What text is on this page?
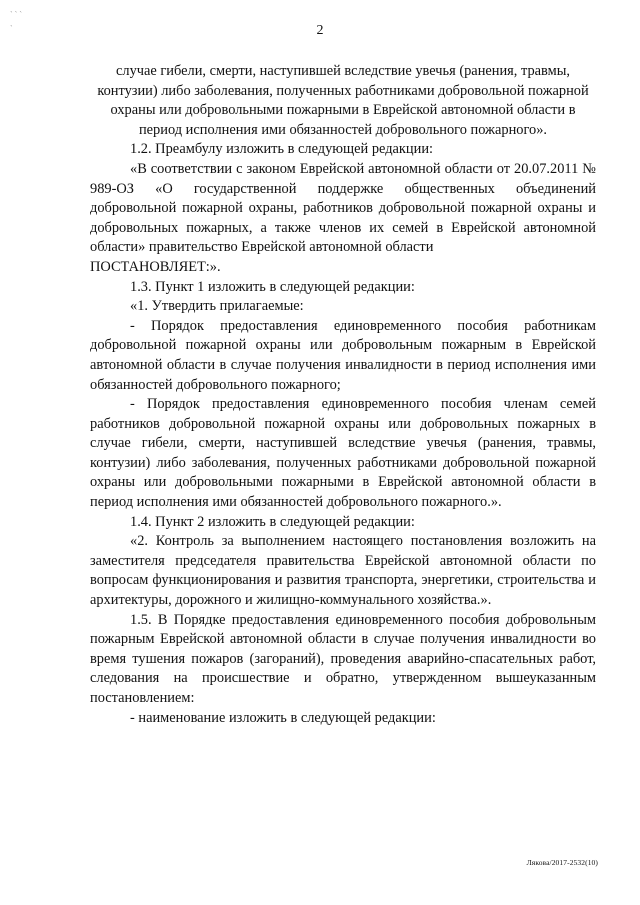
` ` `
`	2

случае гибели, смерти, наступившей вследствие увечья (ранения, травмы, контузии) либо заболевания, полученных работниками добровольной пожарной охраны или добровольными пожарными в Еврейской автономной области в период исполнения ими обязанностей добровольного пожарного».

1.2. Преамбулу изложить в следующей редакции:

«В соответствии с законом Еврейской автономной области от 20.07.2011 № 989-ОЗ «О государственной поддержке общественных объединений добровольной пожарной охраны, работников добровольной пожарной охраны и добровольных пожарных, а также членов их семей в Еврейской автономной области» правительство Еврейской автономной области

ПОСТАНОВЛЯЕТ:».

1.3. Пункт 1 изложить в следующей редакции:

«1. Утвердить прилагаемые:

- Порядок предоставления единовременного пособия работникам добровольной пожарной охраны или добровольным пожарным в Еврейской автономной области в случае получения инвалидности в период исполнения ими обязанностей добровольного пожарного;

- Порядок предоставления единовременного пособия членам семей работников добровольной пожарной охраны или добровольных пожарных в случае гибели, смерти, наступившей вследствие увечья (ранения, травмы, контузии) либо заболевания, полученных работниками добровольной пожарной охраны или добровольными пожарными в Еврейской автономной области в период исполнения ими обязанностей добровольного пожарного.».

1.4. Пункт 2 изложить в следующей редакции:

«2. Контроль за выполнением настоящего постановления возложить на заместителя председателя правительства Еврейской автономной области по вопросам функционирования и развития транспорта, энергетики, строительства и архитектуры, дорожного и жилищно-коммунального хозяйства.».

1.5. В Порядке предоставления единовременного пособия добровольным пожарным Еврейской автономной области в случае получения инвалидности во время тушения пожаров (загораний), проведения аварийно-спасательных работ, следования на происшествие и обратно, утвержденном вышеуказанным постановлением:

- наименование изложить в следующей редакции:

Лякова/2017-2532(10)
